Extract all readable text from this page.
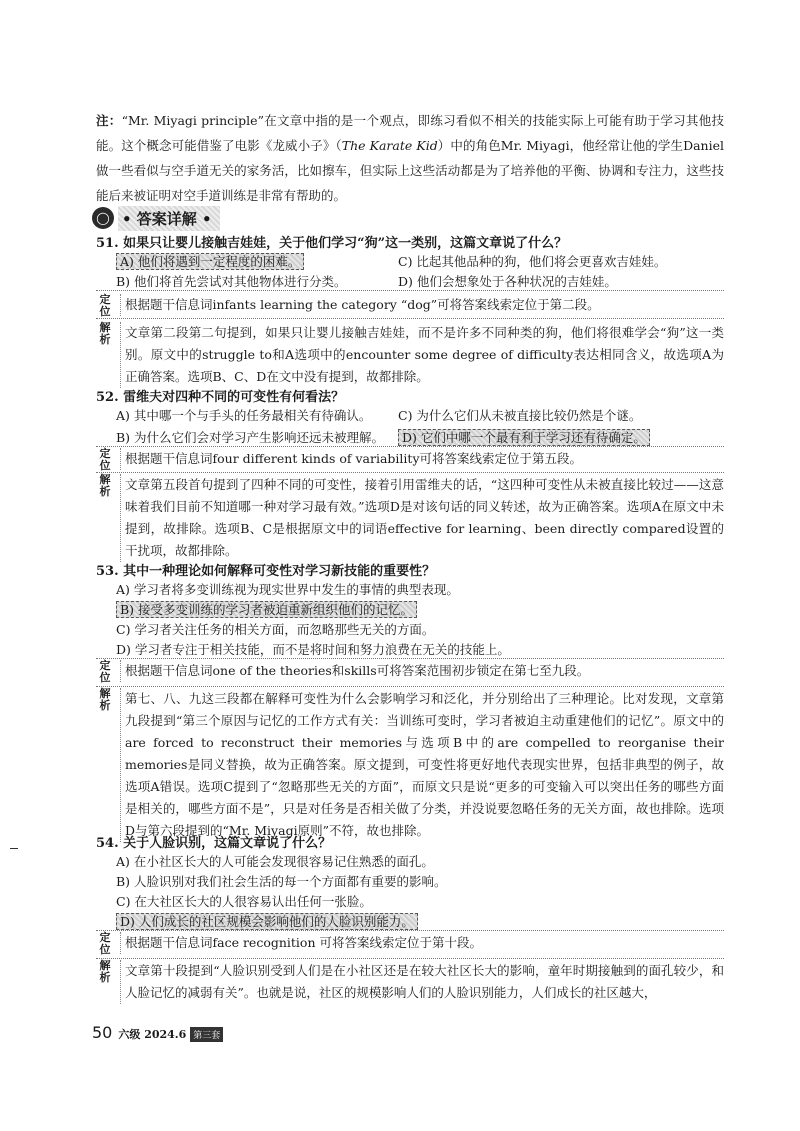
注：“Mr. Miyagi principle”在文章中指的是一个观点，即练习看似不相关的技能实际上可能有助于学习其他技能。这个概念可能借鉴了电影《龙威小子》（The Karate Kid）中的角色Mr. Miyagi，他经常让他的学生Daniel做一些看似与空手道无关的家务活，比如擦车，但实际上这些活动都是为了培养他的平衡、协调和专注力，这些技能后来被证明对空手道训练是非常有帮助的。
◯ • 答案详解 •
51. 如果只让婴儿接触吉娃娃，关于他们学习“狗”这一类别，这篇文章说了什么？
A) 他们将遇到一定程度的困难。	C) 比起其他品种的狗，他们将会更喜欢吉娃娃。
B) 他们将首先尝试对其他物体进行分类。	D) 他们会想象处于各种状况的吉娃娃。
定位	根据题干信息词infants learning the category “dog”可将答案线索定位于第二段。
解析	文章第二段第二句提到，如果只让婴儿接触吉娃娃，而不是许多不同种类的狗，他们将很难学会“狗”这一类别。原文中的struggle to和A选项中的encounter some degree of difficulty表达相同含义，故选项A为正确答案。选项B、C、D在文中没有提到，故都排除。
52. 雷维夫对四种不同的可变性有何看法？
A) 其中哪一个与手头的任务最相关有待确认。 C) 为什么它们从未被直接比较仍然是个谜。
B) 为什么它们会对学习产生影响还远未被理解。	D) 它们中哪一个最有利于学习还有待确定。
定位	根据题干信息词four different kinds of variability可将答案线索定位于第五段。
解析	文章第五段首句提到了四种不同的可变性，接着引用雷维夫的话，“这四种可变性从未被直接比较过——这意味着我们目前不知道哪一种对学习最有效。”选项D是对该句话的同义转述，故为正确答案。选项A在原文中未提到，故排除。选项B、C是根据原文中的词语effective for learning、been directly compared设置的干扰项，故都排除。
53. 其中一种理论如何解释可变性对学习新技能的重要性？
A) 学习者将多变训练视为现实世界中发生的事情的典型表现。
B) 接受多变训练的学习者被迫重新组织他们的记忆。
C) 学习者关注任务的相关方面，而忽略那些无关的方面。
D) 学习者专注于相关技能，而不是将时间和努力浪费在无关的技能上。
定位	根据题干信息词one of the theories和skills可将答案范围初步锁定在第七至九段。
解析	第七、八、九这三段都在解释可变性为什么会影响学习和泛化，并分别给出了三种理论。比对发现，文章第九段提到“第三个原因与记忆的工作方式有关：当训练可变时，学习者被迫主动重建他们的记忆”。原文中的are forced to reconstruct their memories与选项B中的are compelled to reorganise their memories是同义替换，故为正确答案。原文提到，可变性将更好地代表现实世界，包括非典型的例子，故选项A错误。选项C提到了“忽略那些无关的方面”，而原文只是说“更多的可变输入可以突出任务的哪些方面是相关的，哪些方面不是”，只是对任务是否相关做了分类，并没说要忽略任务的无关方面，故也排除。选项D与第六段提到的“Mr. Miyagi原则”不符，故也排除。
54. 关于人脸识别，这篇文章说了什么？
A) 在小社区长大的人可能会发现很容易记住熟悉的面孔。
B) 人脸识别对我们社会生活的每一个方面都有重要的影响。
C) 在大社区长大的人很容易认出任何一张脸。
D) 人们成长的社区规模会影响他们的人脸识别能力。
定位	根据题干信息词face recognition 可将答案线索定位于第十段。
解析	文章第十段提到“人脸识别受到人们是在小社区还是在较大社区长大的影响，童年时期接触到的面孔较少，和人脸记忆的减弱有关”。也就是说，社区的规模影响人们的人脸识别能力，人们成长的社区越大，
50 六级 2024.6 第三套
